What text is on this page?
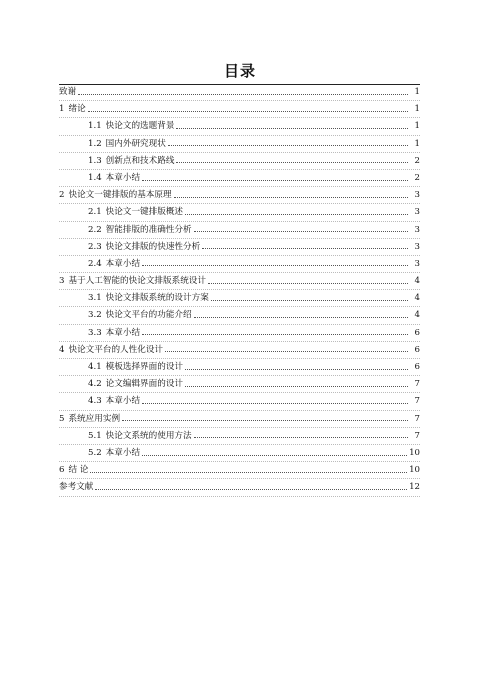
目录
致谢	1
1 绪论	1
1.1 快论文的选题背景	1
1.2 国内外研究现状	1
1.3 创新点和技术路线	2
1.4 本章小结	2
2 快论文一键排版的基本原理	3
2.1 快论文一键排版概述	3
2.2 智能排版的准确性分析	3
2.3 快论文排版的快速性分析	3
2.4 本章小结	3
3 基于人工智能的快论文排版系统设计	4
3.1 快论文排版系统的设计方案	4
3.2 快论文平台的功能介绍	4
3.3 本章小结	6
4 快论文平台的人性化设计	6
4.1 模板选择界面的设计	6
4.2 论文编辑界面的设计	7
4.3 本章小结	7
5 系统应用实例	7
5.1 快论文系统的使用方法	7
5.2 本章小结	10
6 结 论	10
参考文献	12
